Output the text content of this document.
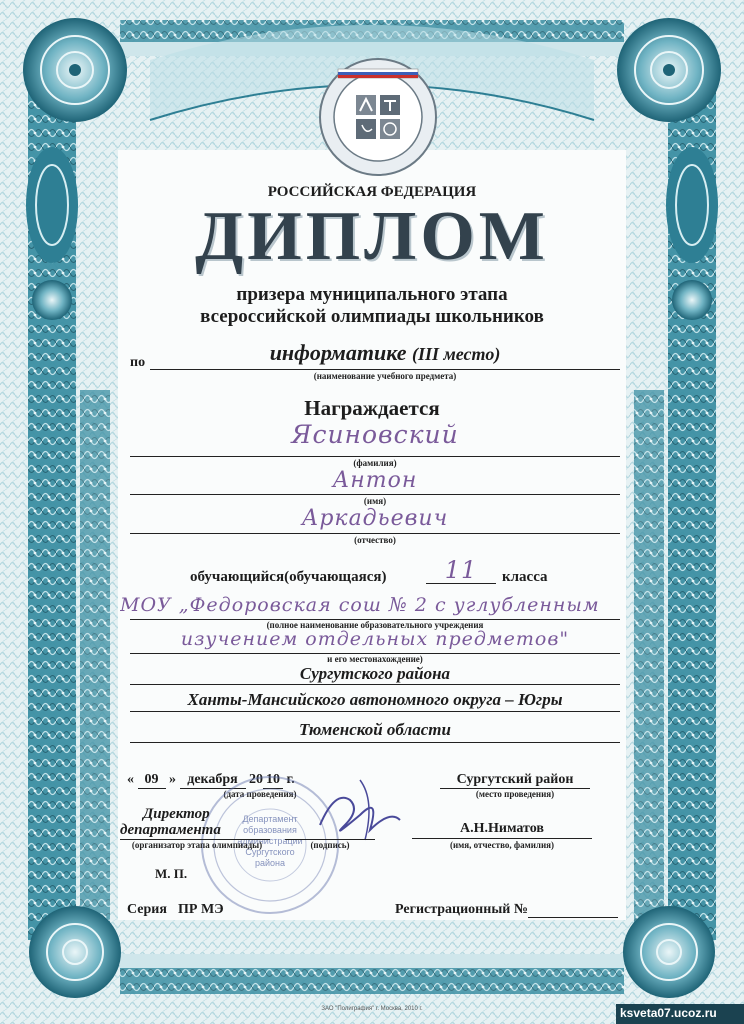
РОССИЙСКАЯ ФЕДЕРАЦИЯ
ДИПЛОМ
призера муниципального этапа
всероссийской олимпиады школьников
по	информатике (III место)
(наименование учебного предмета)
Награждается
Ясиновский
(фамилия)
Антон
(имя)
Аркадьевич
(отчество)
обучающийся(обучающаяся)	11	класса
МОУ „Федоровская сош № 2 с углубленным
(полное наименование образовательного учреждения
изучением отдельных предметов"
и его местонахождение)
Сургутского района
Ханты-Мансийского автономного округа – Югры
Тюменской области
« 09 » декабря 20 10 г.
(дата проведения)
Сургутский район
(место проведения)
Департамент
образования
администрации
Сургутского
района
Директор
департамента
(организатор этапа олимпиады)	(подпись)
А.Н.Ниматов
(имя, отчество, фамилия)
М. П.
Серия ПР МЭ	Регистрационный №
ЗАО "Полиграфия" г. Москва, 2010 г.	ksveta07.ucoz.ru
